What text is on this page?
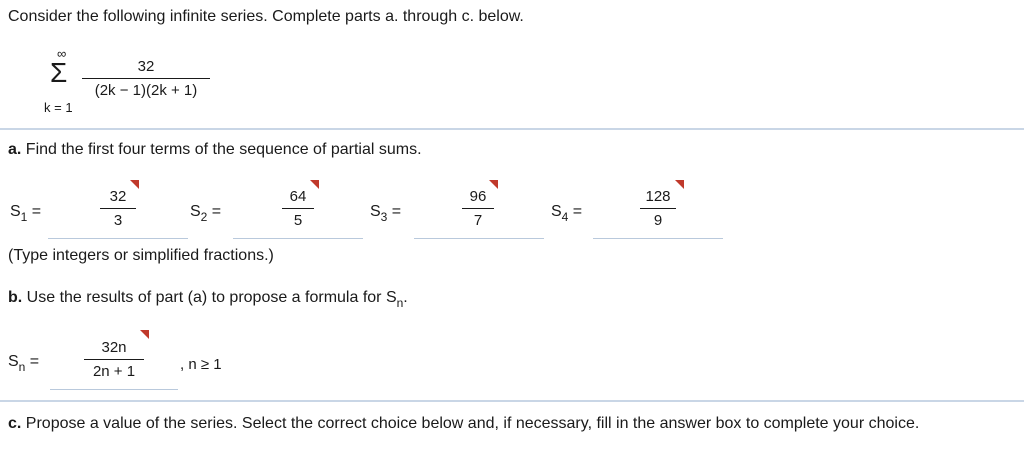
Consider the following infinite series. Complete parts a. through c. below.
∞
Σ
k = 1
32
(2k − 1)(2k + 1)
a. Find the first four terms of the sequence of partial sums.
$S_1$ =
32
3
$S_2$ =
64
5
$S_3$ =
96
7
$S_4$ =
128
9
(Type integers or simplified fractions.)
b. Use the results of part (a) to propose a formula for $S_n$.
$S_n$ =
32n
2n + 1	, n ≥ 1
c. Propose a value of the series. Select the correct choice below and, if necessary, fill in the answer box to complete your choice.
